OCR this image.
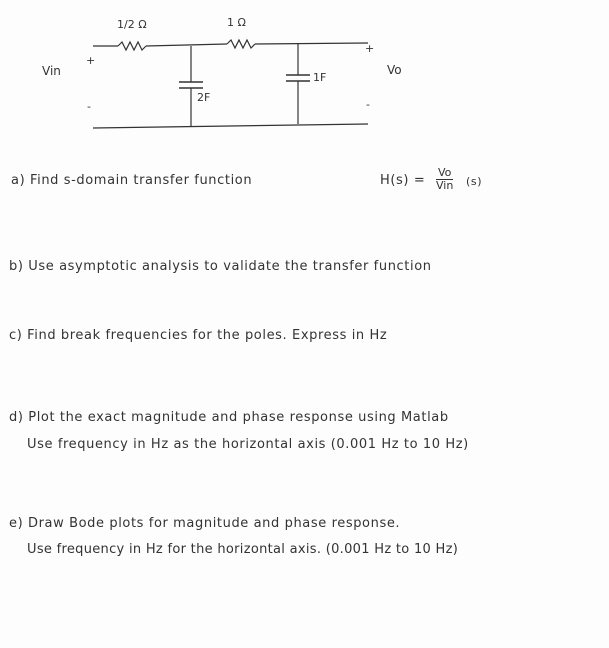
1/2 Ω	1 Ω
2F
1F
+
Vin
-
+
Vo
-
a) Find s-domain transfer function	H(s) =
Vo
Vin (s)
b) Use asymptotic analysis to validate the transfer function
c) Find break frequencies for the poles. Express in Hz
d) Plot the exact magnitude and phase response using Matlab
Use frequency in Hz as the horizontal axis (0.001 Hz to 10 Hz)
e) Draw Bode plots for magnitude and phase response.
Use frequency in Hz for the horizontal axis. (0.001 Hz to 10 Hz)
